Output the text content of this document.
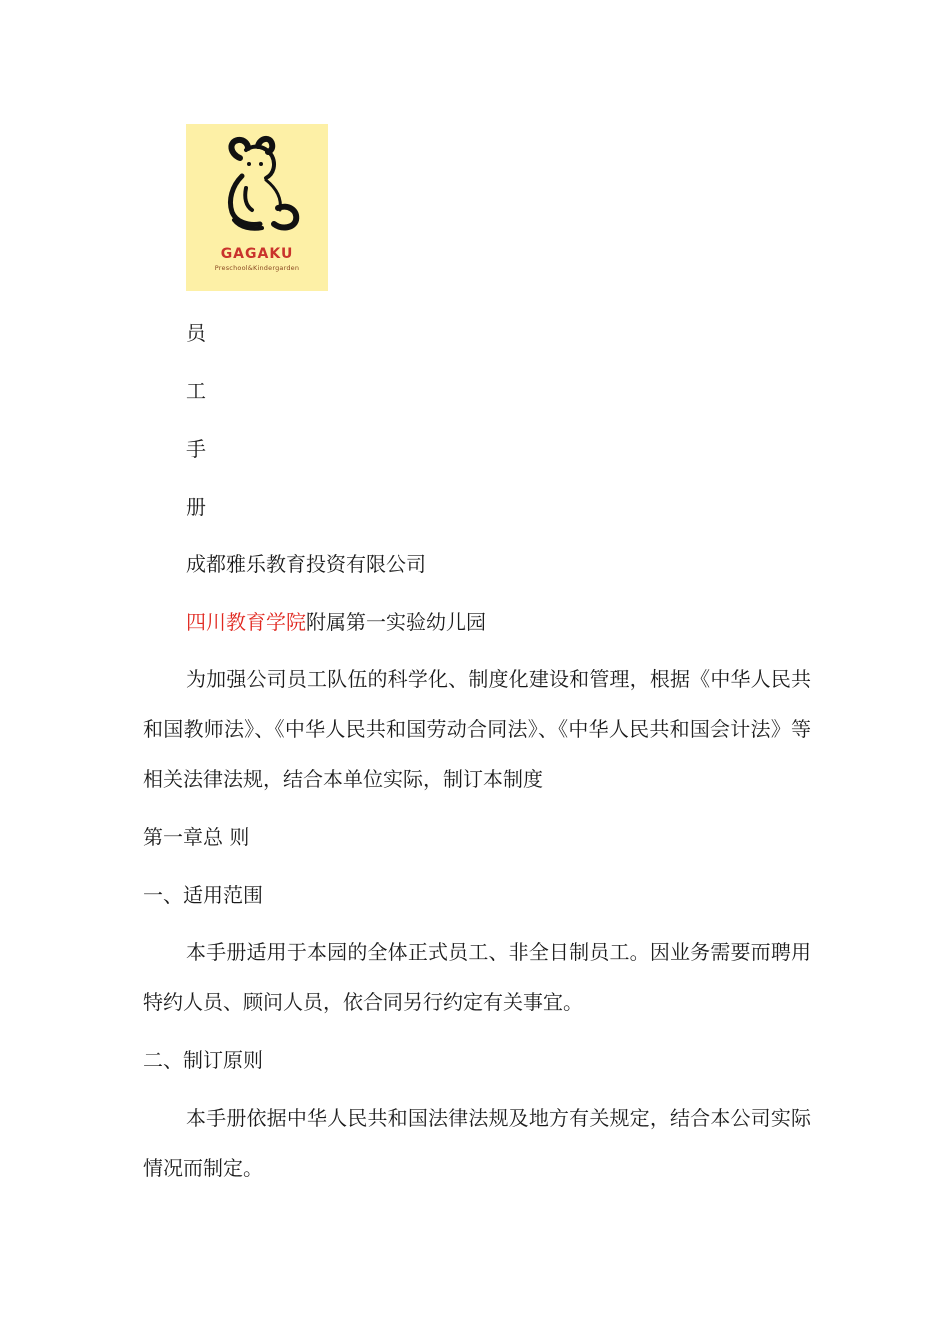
GAGAKU
Preschool&Kindergarden
员
工
手
册
成都雅乐教育投资有限公司
四川教育学院附属第一实验幼儿园
为加强公司员工队伍的科学化、制度化建设和管理，根据《中华人民共和国教师法》、《中华人民共和国劳动合同法》、《中华人民共和国会计法》等相关法律法规，结合本单位实际，制订本制度
第一章总 则
一、适用范围
本手册适用于本园的全体正式员工、非全日制员工。因业务需要而聘用特约人员、顾问人员，依合同另行约定有关事宜。
二、制订原则
本手册依据中华人民共和国法律法规及地方有关规定，结合本公司实际情况而制定。
